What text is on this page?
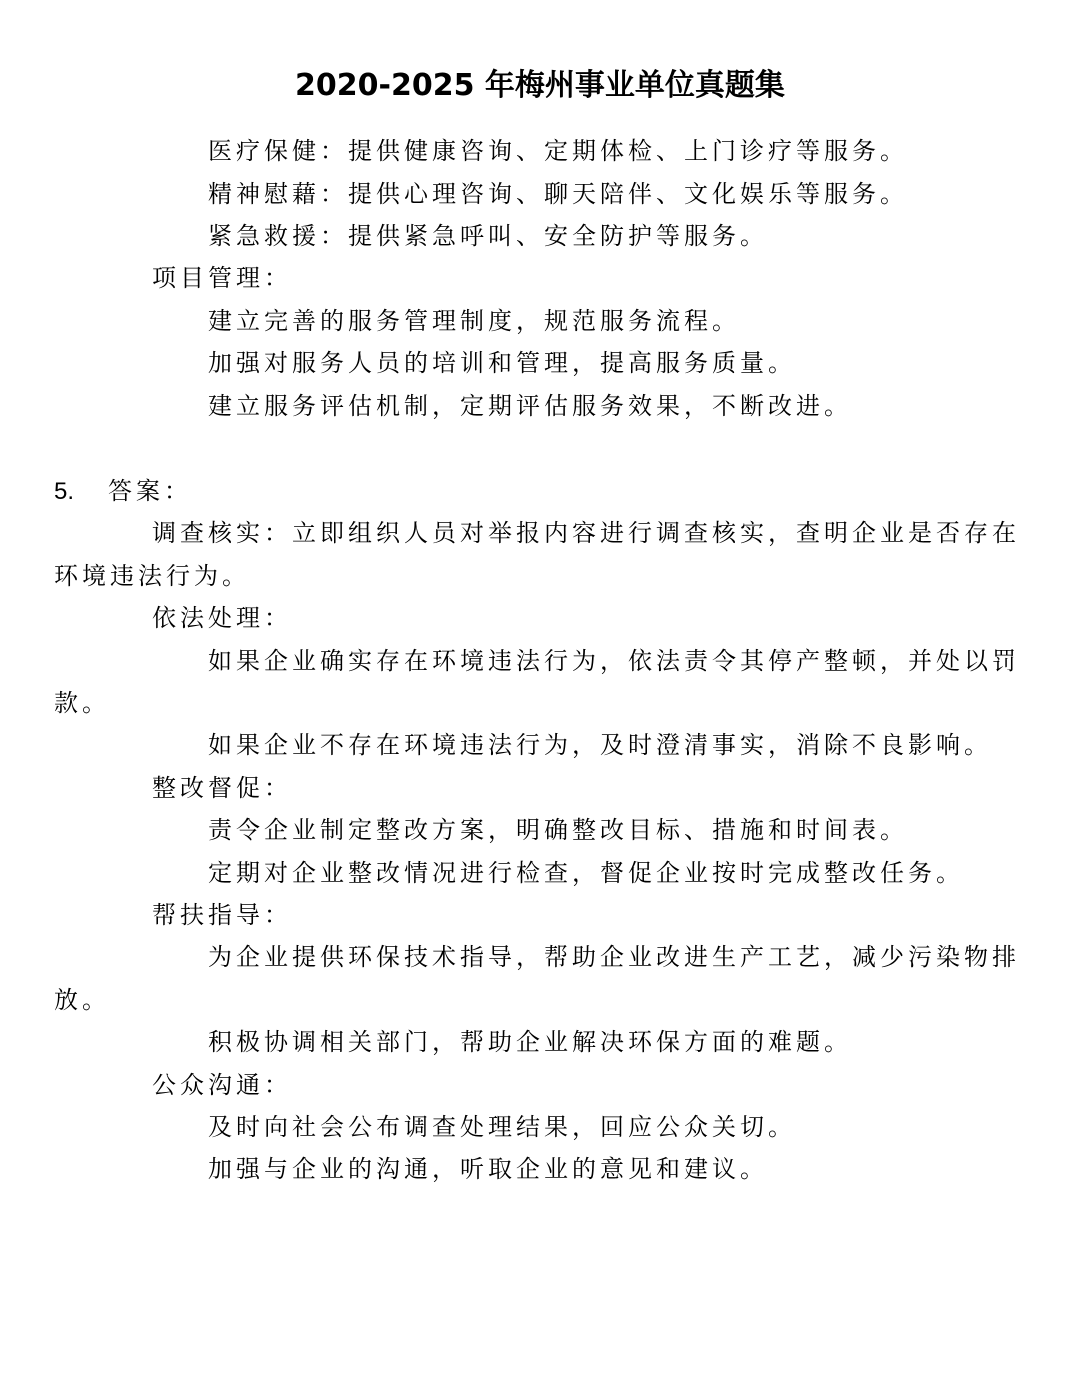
2020-2025 年梅州事业单位真题集
医疗保健：提供健康咨询、定期体检、上门诊疗等服务。
精神慰藉：提供心理咨询、聊天陪伴、文化娱乐等服务。
紧急救援：提供紧急呼叫、安全防护等服务。
项目管理：
建立完善的服务管理制度，规范服务流程。
加强对服务人员的培训和管理，提高服务质量。
建立服务评估机制，定期评估服务效果，不断改进。
5. 答案：
调查核实：立即组织人员对举报内容进行调查核实，查明企业是否存在
环境违法行为。
依法处理：
如果企业确实存在环境违法行为，依法责令其停产整顿，并处以罚
款。
如果企业不存在环境违法行为，及时澄清事实，消除不良影响。
整改督促：
责令企业制定整改方案，明确整改目标、措施和时间表。
定期对企业整改情况进行检查，督促企业按时完成整改任务。
帮扶指导：
为企业提供环保技术指导，帮助企业改进生产工艺，减少污染物排
放。
积极协调相关部门，帮助企业解决环保方面的难题。
公众沟通：
及时向社会公布调查处理结果，回应公众关切。
加强与企业的沟通，听取企业的意见和建议。
